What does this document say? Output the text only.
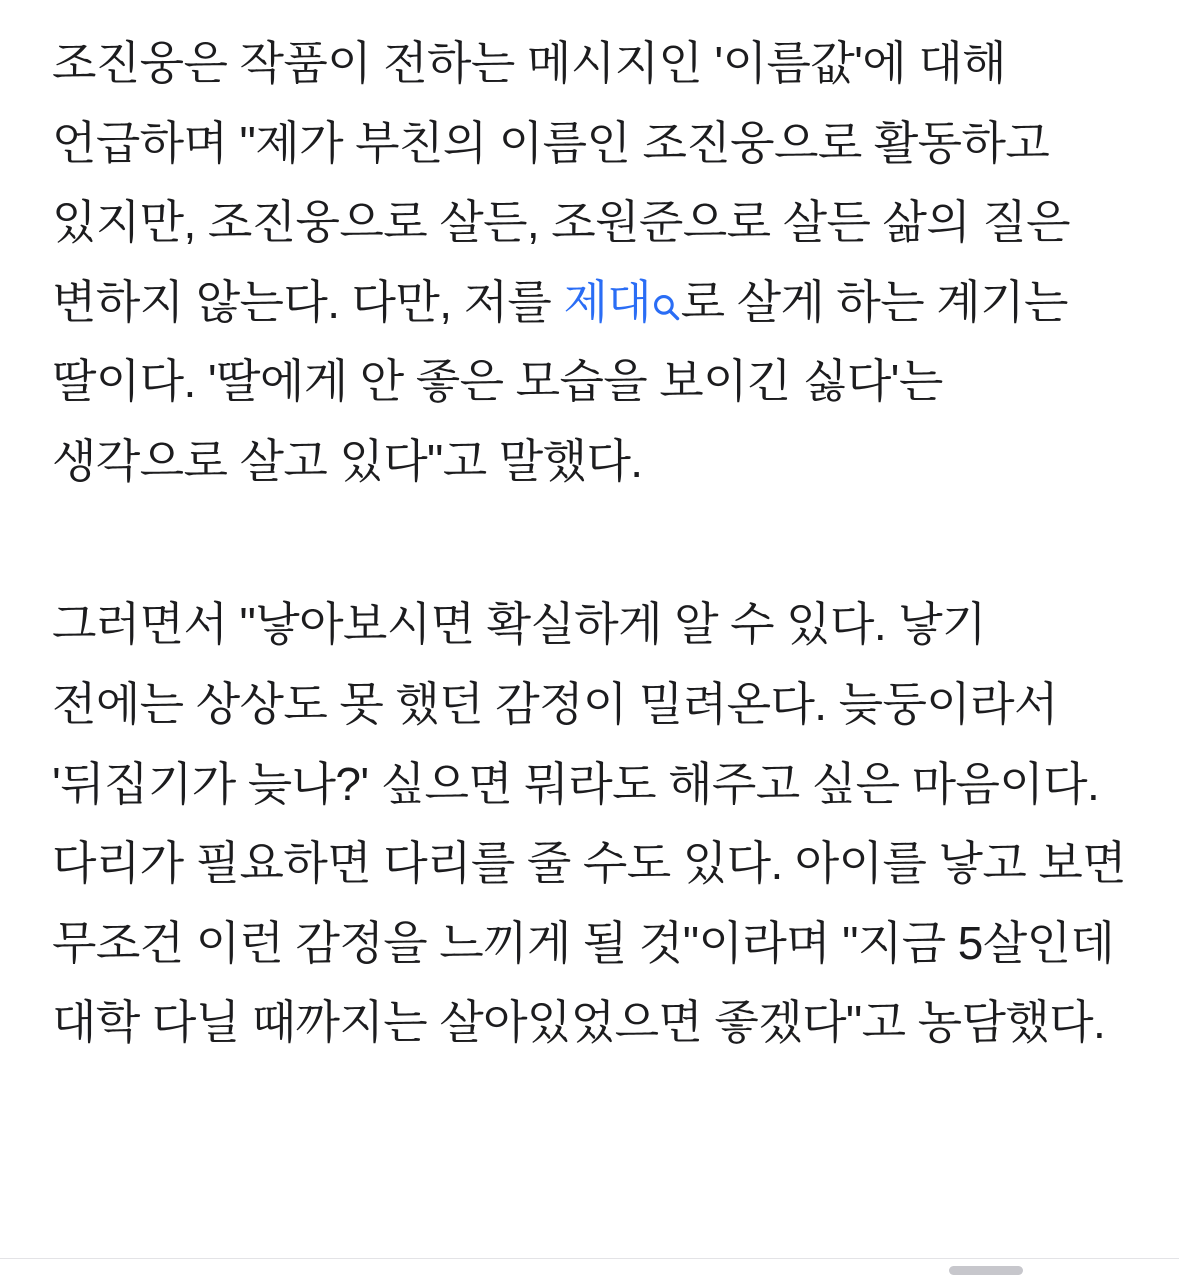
조진웅은 작품이 전하는 메시지인 '이름값'에 대해 언급하며 "제가 부친의 이름인 조진웅으로 활동하고 있지만, 조진웅으로 살든, 조원준으로 살든 삶의 질은 변하지 않는다. 다만, 저를 제대 로 살게 하는 계기는 딸이다. '딸에게 안 좋은 모습을 보이긴 싫다'는 생각으로 살고 있다"고 말했다.

그러면서 "낳아보시면 확실하게 알 수 있다. 낳기 전에는 상상도 못 했던 감정이 밀려온다. 늦둥이라서 '뒤집기가 늦나?' 싶으면 뭐라도 해주고 싶은 마음이다. 다리가 필요하면 다리를 줄 수도 있다. 아이를 낳고 보면 무조건 이런 감정을 느끼게 될 것"이라며 "지금 5살인데 대학 다닐 때까지는 살아있었으면 좋겠다"고 농담했다.
